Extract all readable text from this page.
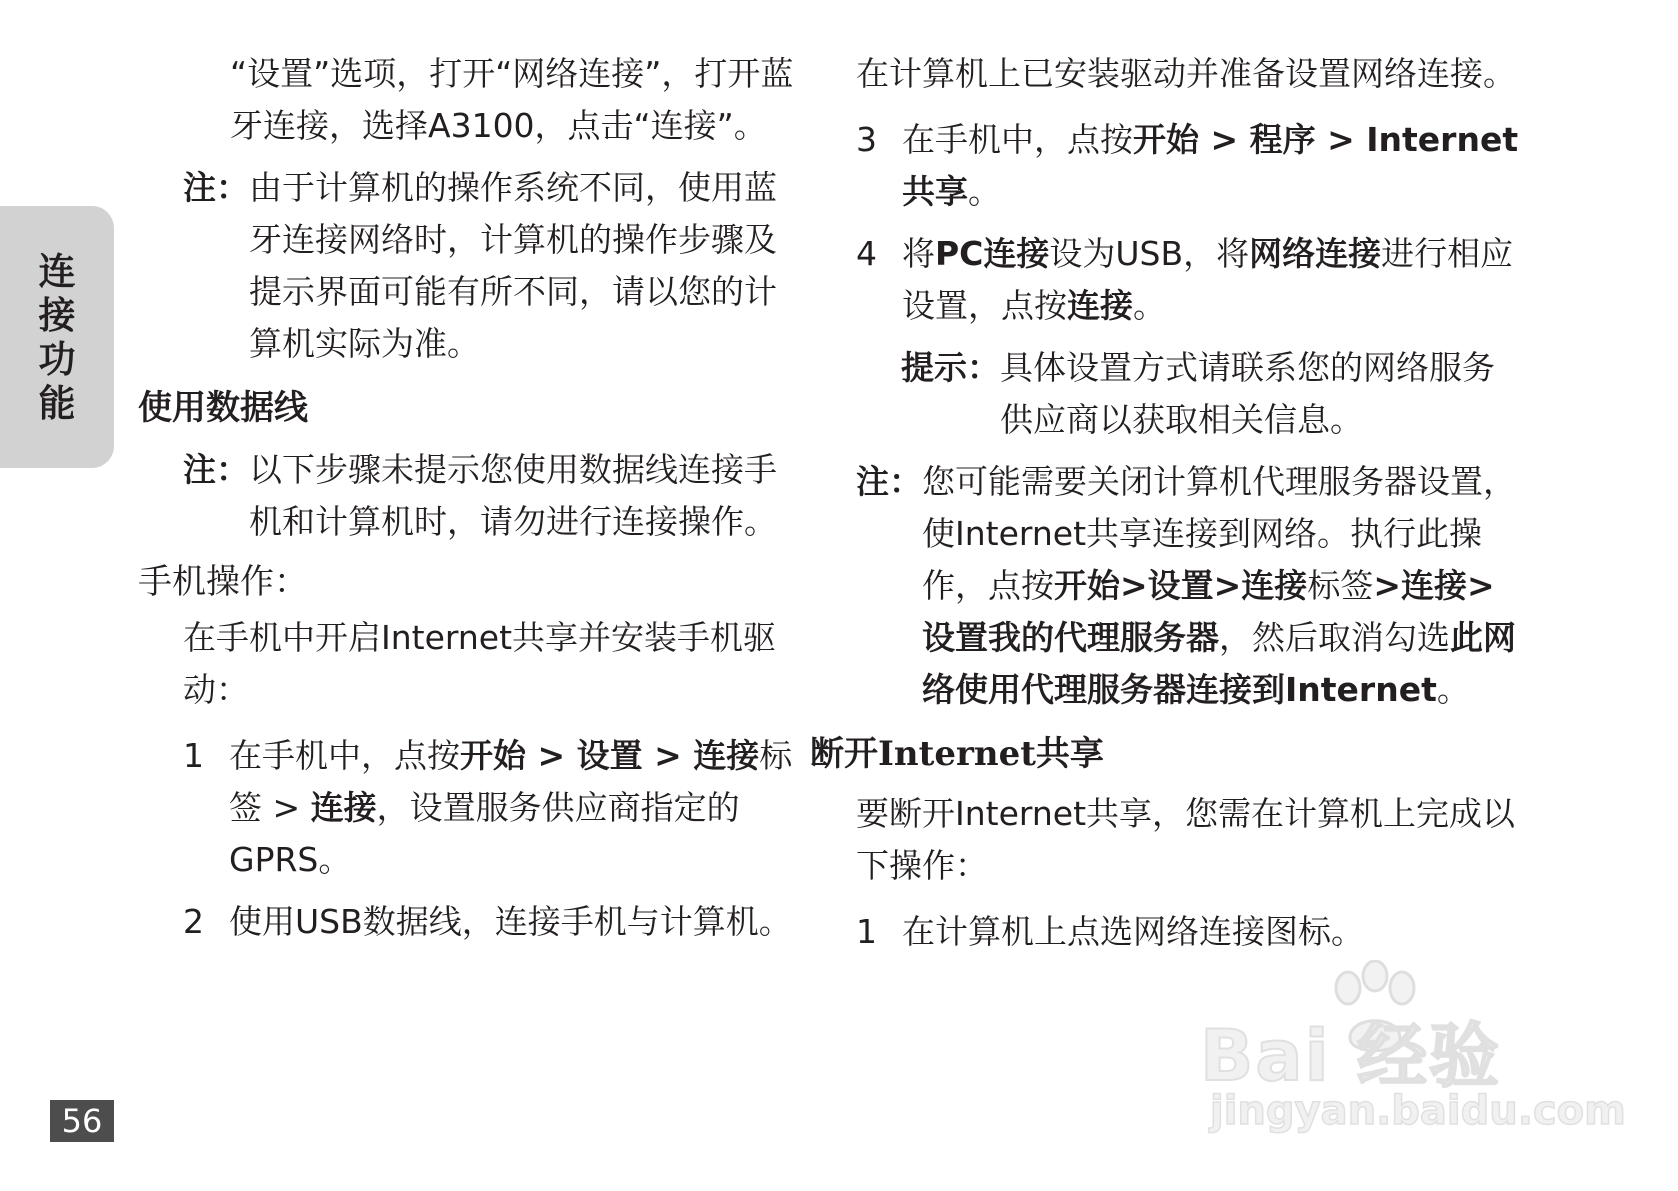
连接功能
56

“设置”选项，打开“网络连接”，打开蓝牙连接，选择A3100，点击“连接”。

注： 由于计算机的操作系统不同，使用蓝牙连接网络时，计算机的操作步骤及提示界面可能有所不同，请以您的计算机实际为准。
使用数据线
注： 以下步骤未提示您使用数据线连接手机和计算机时，请勿进行连接操作。
手机操作：

在手机中开启Internet共享并安装手机驱动：

1 在手机中，点按开始 > 设置 > 连接标签 > 连接，设置服务供应商指定的GPRS。
2 使用USB数据线，连接手机与计算机。

在计算机上已安装驱动并准备设置网络连接。

3 在手机中，点按开始 > 程序 > Internet共享。
4 将PC连接设为USB，将网络连接进行相应设置，点按连接。
提示： 具体设置方式请联系您的网络服务供应商以获取相关信息。
注： 您可能需要关闭计算机代理服务器设置，使Internet共享连接到网络。执行此操作，点按开始>设置>连接标签>连接>设置我的代理服务器，然后取消勾选此网络使用代理服务器连接到Internet。
断开Internet共享

要断开Internet共享，您需在计算机上完成以下操作：

1 在计算机上点选网络连接图标。
Bai 经验
jingyan.baidu.com
